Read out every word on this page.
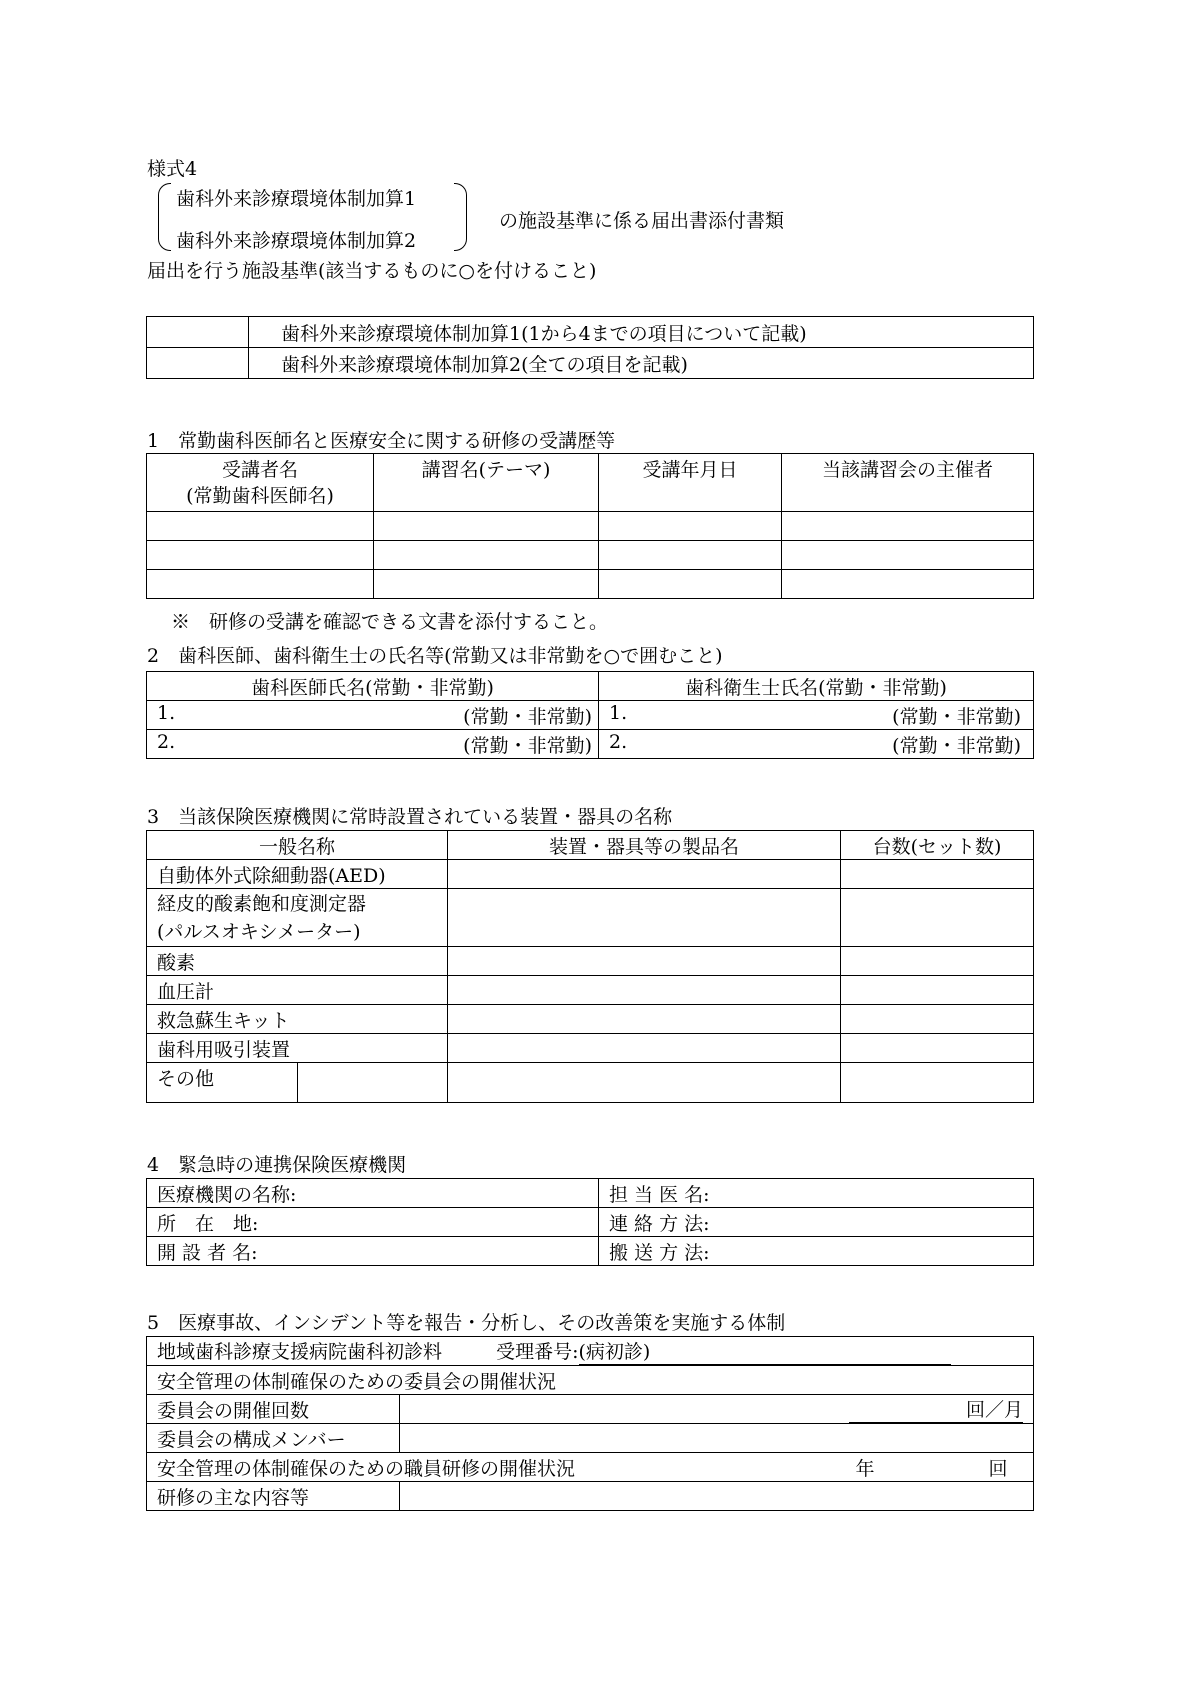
様式4
歯科外来診療環境体制加算1
歯科外来診療環境体制加算2
の施設基準に係る届出書添付書類
届出を行う施設基準(該当するものに○を付けること)
	歯科外来診療環境体制加算1(1から4までの項目について記載)
	歯科外来診療環境体制加算2(全ての項目を記載)
1　常勤歯科医師名と医療安全に関する研修の受講歴等
受講者名
(常勤歯科医師名)	講習名(テーマ)	受講年月日	当該講習会の主催者

※　研修の受講を確認できる文書を添付すること。
2　歯科医師、歯科衛生士の氏名等(常勤又は非常勤を○で囲むこと)
歯科医師氏名(常勤・非常勤)	歯科衛生士氏名(常勤・非常勤)
1. (常勤・非常勤)	1. (常勤・非常勤)

2. (常勤・非常勤)	2. (常勤・非常勤)
3　当該保険医療機関に常時設置されている装置・器具の名称
一般名称		装置・器具等の製品名	台数(セット数)
自動体外式除細動器(AED)			

経皮的酸素飽和度測定器
(パルスオキシメーター)			

酸素			
血圧計			
救急蘇生キット			
歯科用吸引装置			
その他			
4　緊急時の連携保険医療機関
医療機関の名称:	担 当 医 名:
所　在　地:	連 絡 方 法:
開 設 者 名:	搬 送 方 法:
5　医療事故、インシデント等を報告・分析し、その改善策を実施する体制
地域歯科診療支援病院歯科初診料 受理番号:(病初診)	
安全管理の体制確保のための委員会の開催状況	
委員会の開催回数	回／月
委員会の構成メンバー	
安全管理の体制確保のための職員研修の開催状況 年 回	

研修の主な内容等	
